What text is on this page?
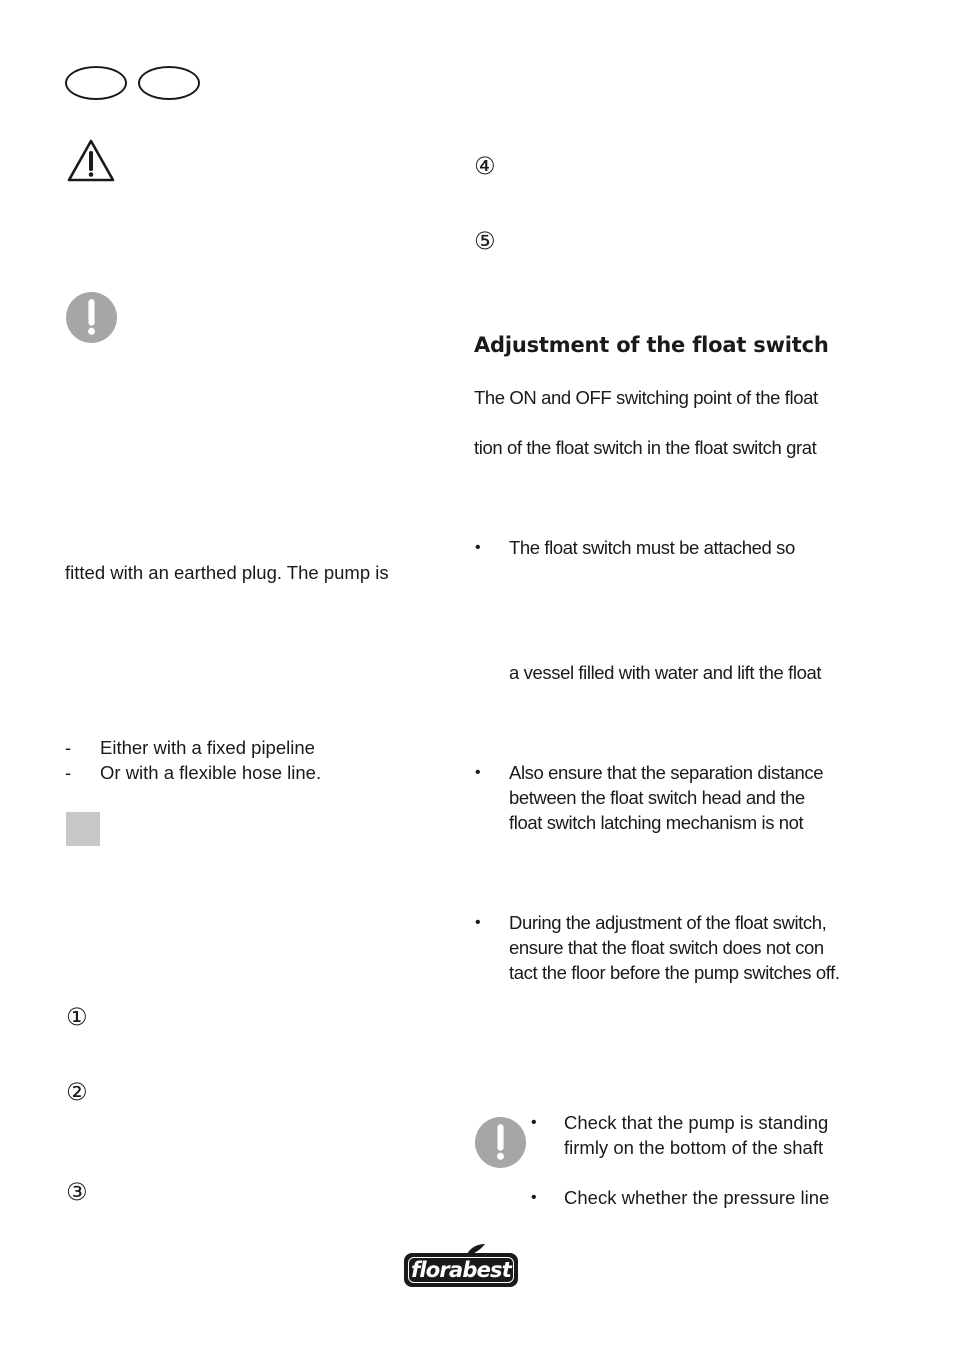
fitted with an earthed plug. The pump is
- Either with a fixed pipeline
- Or with a flexible hose line.
①
②
③
④
⑤
Adjustment of the float switch
The ON and OFF switching point of the float
tion of the float switch in the float switch grat
• The float switch must be attached so
a vessel filled with water and lift the float
• Also ensure that the separation distance
between the float switch head and the
float switch latching mechanism is not
• During the adjustment of the float switch,
ensure that the float switch does not con
tact the floor before the pump switches off.
• Check that the pump is standing
firmly on the bottom of the shaft
• Check whether the pressure line
florabest
